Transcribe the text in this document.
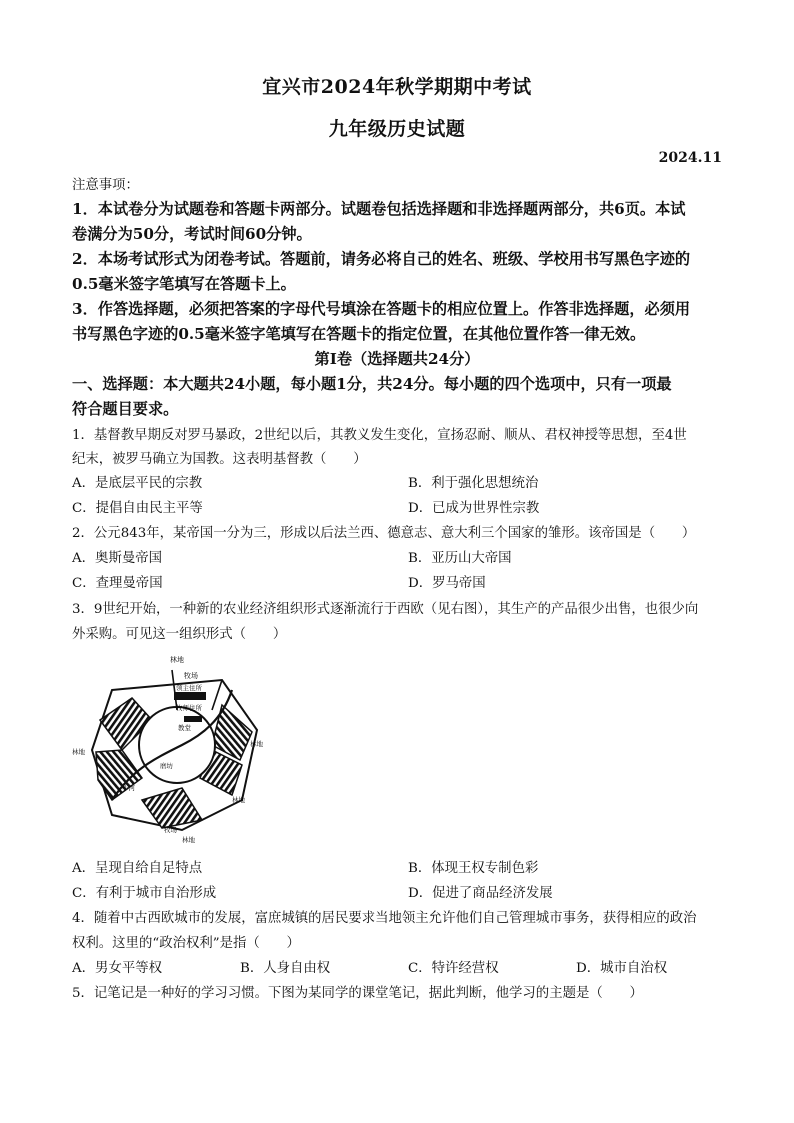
宜兴市2024年秋学期期中考试
九年级历史试题
2024.11
注意事项：
1．本试卷分为试题卷和答题卡两部分。试题卷包括选择题和非选择题两部分，共6页。本试
卷满分为50分，考试时间60分钟。
2．本场考试形式为闭卷考试。答题前，请务必将自己的姓名、班级、学校用书写黑色字迹的
0.5毫米签字笔填写在答题卡上。
3．作答选择题，必须把答案的字母代号填涂在答题卡的相应位置上。作答非选择题，必须用
书写黑色字迹的0.5毫米签字笔填写在答题卡的指定位置，在其他位置作答一律无效。
第Ⅰ卷（选择题共24分）
一、选择题：本大题共24小题，每小题1分，共24分。每小题的四个选项中，只有一项最
符合题目要求。
1．基督教早期反对罗马暴政，2世纪以后，其教义发生变化，宣扬忍耐、顺从、君权神授等思想，至4世
纪末，被罗马确立为国教。这表明基督教（　　）
A．是底层平民的宗教	B．利于强化思想统治
C．提倡自由民主平等	D．已成为世界性宗教
2．公元843年，某帝国一分为三，形成以后法兰西、德意志、意大利三个国家的雏形。该帝国是（　　）
A．奥斯曼帝国	B．亚历山大帝国
C．查理曼帝国	D．罗马帝国
3．9世纪开始，一种新的农业经济组织形式逐渐流行于西欧（见右图），其生产的产品很少出售，也很少向
外采购。可见这一组织形式（　　）
林地
牧场
领主住所
牧师住所
教堂
磨坊
小河
林地
林地
林地
牧场
林地
A．呈现自给自足特点	B．体现王权专制色彩
C．有利于城市自治形成	D．促进了商品经济发展
4．随着中古西欧城市的发展，富庶城镇的居民要求当地领主允许他们自己管理城市事务，获得相应的政治
权利。这里的“政治权利”是指（　　）
A．男女平等权	B．人身自由权	C．特许经营权	D．城市自治权
5．记笔记是一种好的学习习惯。下图为某同学的课堂笔记，据此判断，他学习的主题是（　　）
